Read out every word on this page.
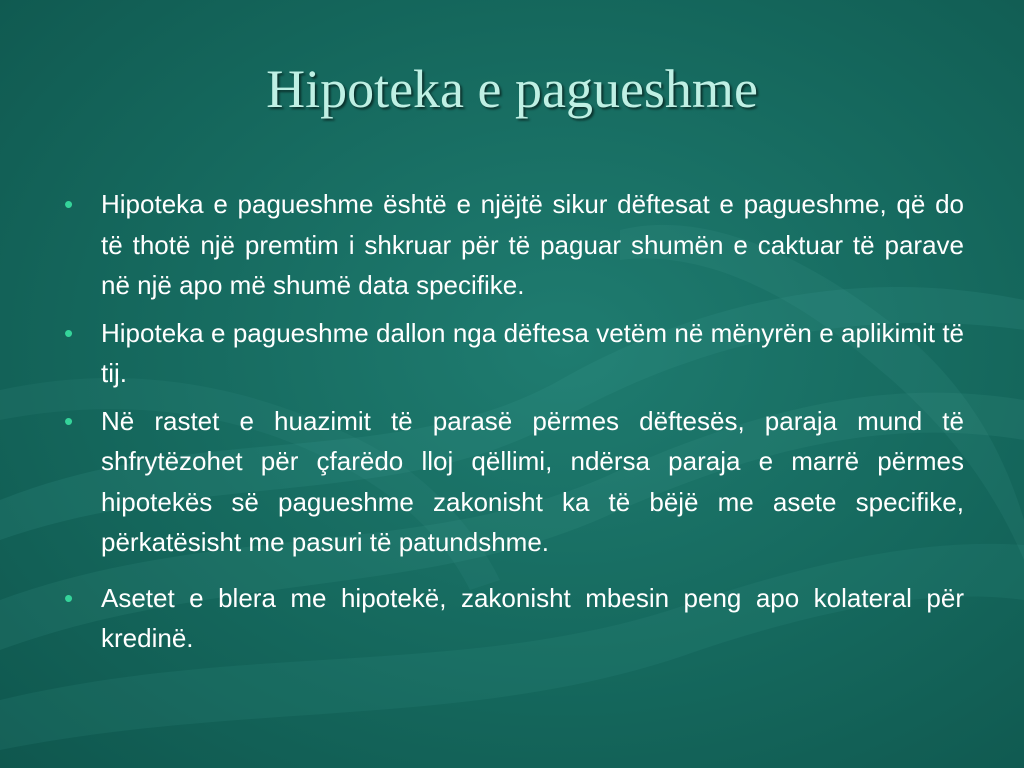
Hipoteka e pagueshme
• Hipoteka e pagueshme është e njëjtë sikur dëftesat e pagueshme, që do të thotë një premtim i shkruar për të paguar shumën e caktuar të parave në një apo më shumë data specifike.
• Hipoteka e pagueshme dallon nga dëftesa vetëm në mënyrën e aplikimit të tij.
• Në rastet e huazimit të parasë përmes dëftesës, paraja mund të shfrytëzohet për çfarëdo lloj qëllimi, ndërsa paraja e marrë përmes hipotekës së pagueshme zakonisht ka të bëjë me asete specifike, përkatësisht me pasuri të patundshme.
• Asetet e blera me hipotekë, zakonisht mbesin peng apo kolateral për kredinë.
